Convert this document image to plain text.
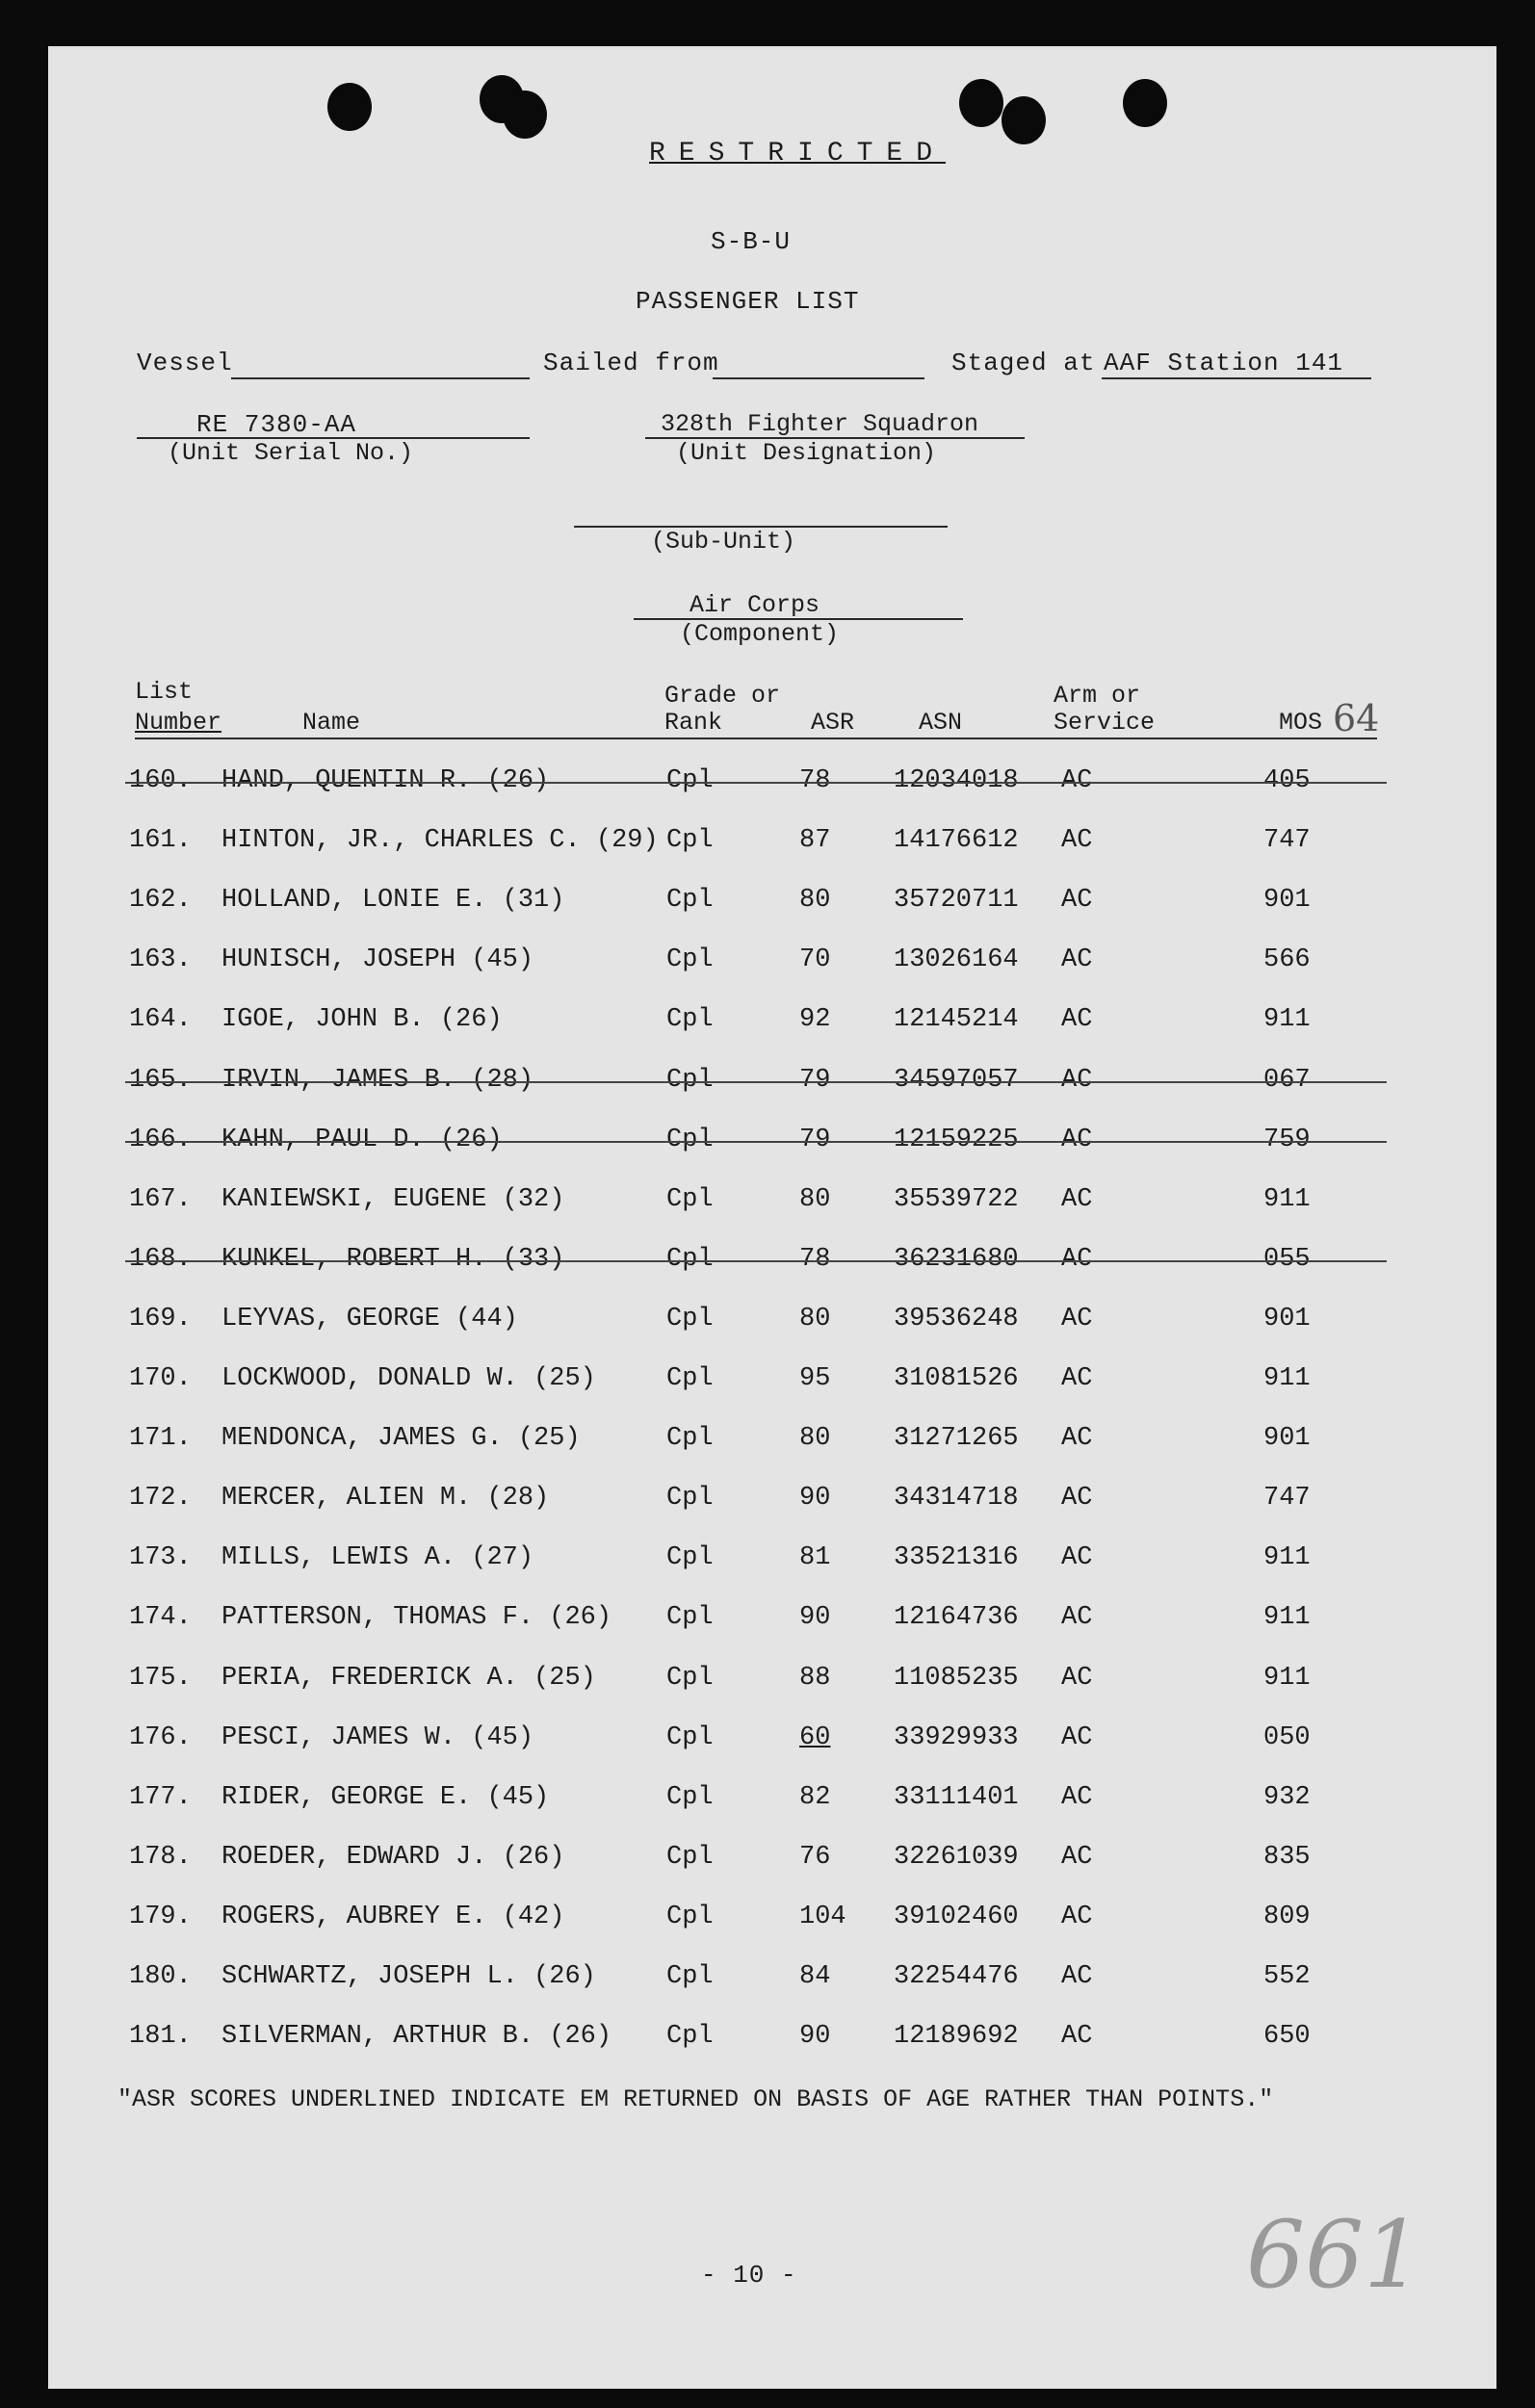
RESTRICTED
S-B-U
PASSENGER LIST
Vessel	Sailed from	Staged at AAF Station 141
RE 7380-AA
(Unit Serial No.)
328th Fighter Squadron
(Unit Designation)
(Sub-Unit)
Air Corps
(Component)
List
Number	Name
Grade or
Rank	ASR	ASN
Arm or
Service	MOS 64
160. HAND, QUENTIN R. (26)	Cpl	78 12034018 AC	405
161. HINTON, JR., CHARLES C. (29) Cpl	87 14176612 AC	747
162. HOLLAND, LONIE E. (31)	Cpl	80 35720711 AC	901
163. HUNISCH, JOSEPH (45)	Cpl	70 13026164 AC	566
164. IGOE, JOHN B. (26)	Cpl	92 12145214 AC	911
165. IRVIN, JAMES B. (28)	Cpl	79 34597057 AC	067
166. KAHN, PAUL D. (26)	Cpl	79 12159225 AC	759
167. KANIEWSKI, EUGENE (32)	Cpl	80 35539722 AC	911
168. KUNKEL, ROBERT H. (33)	Cpl	78 36231680 AC	055
169. LEYVAS, GEORGE (44)	Cpl	80 39536248 AC	901
170. LOCKWOOD, DONALD W. (25)	Cpl	95 31081526 AC	911
171. MENDONCA, JAMES G. (25)	Cpl	80 31271265 AC	901
172. MERCER, ALIEN M. (28)	Cpl	90 34314718 AC	747
173. MILLS, LEWIS A. (27)	Cpl	81 33521316 AC	911
174. PATTERSON, THOMAS F. (26) Cpl	90 12164736 AC	911
175. PERIA, FREDERICK A. (25)	Cpl	88 11085235 AC	911
176. PESCI, JAMES W. (45)	Cpl	60 33929933 AC	050
177. RIDER, GEORGE E. (45)	Cpl	82 33111401 AC	932
178. ROEDER, EDWARD J. (26)	Cpl	76 32261039 AC	835
179. ROGERS, AUBREY E. (42)	Cpl	104 39102460 AC	809
180. SCHWARTZ, JOSEPH L. (26)	Cpl	84 32254476 AC	552
181. SILVERMAN, ARTHUR B. (26) Cpl	90 12189692 AC	650
"ASR SCORES UNDERLINED INDICATE EM RETURNED ON BASIS OF AGE RATHER THAN POINTS."
- 10 -	661
